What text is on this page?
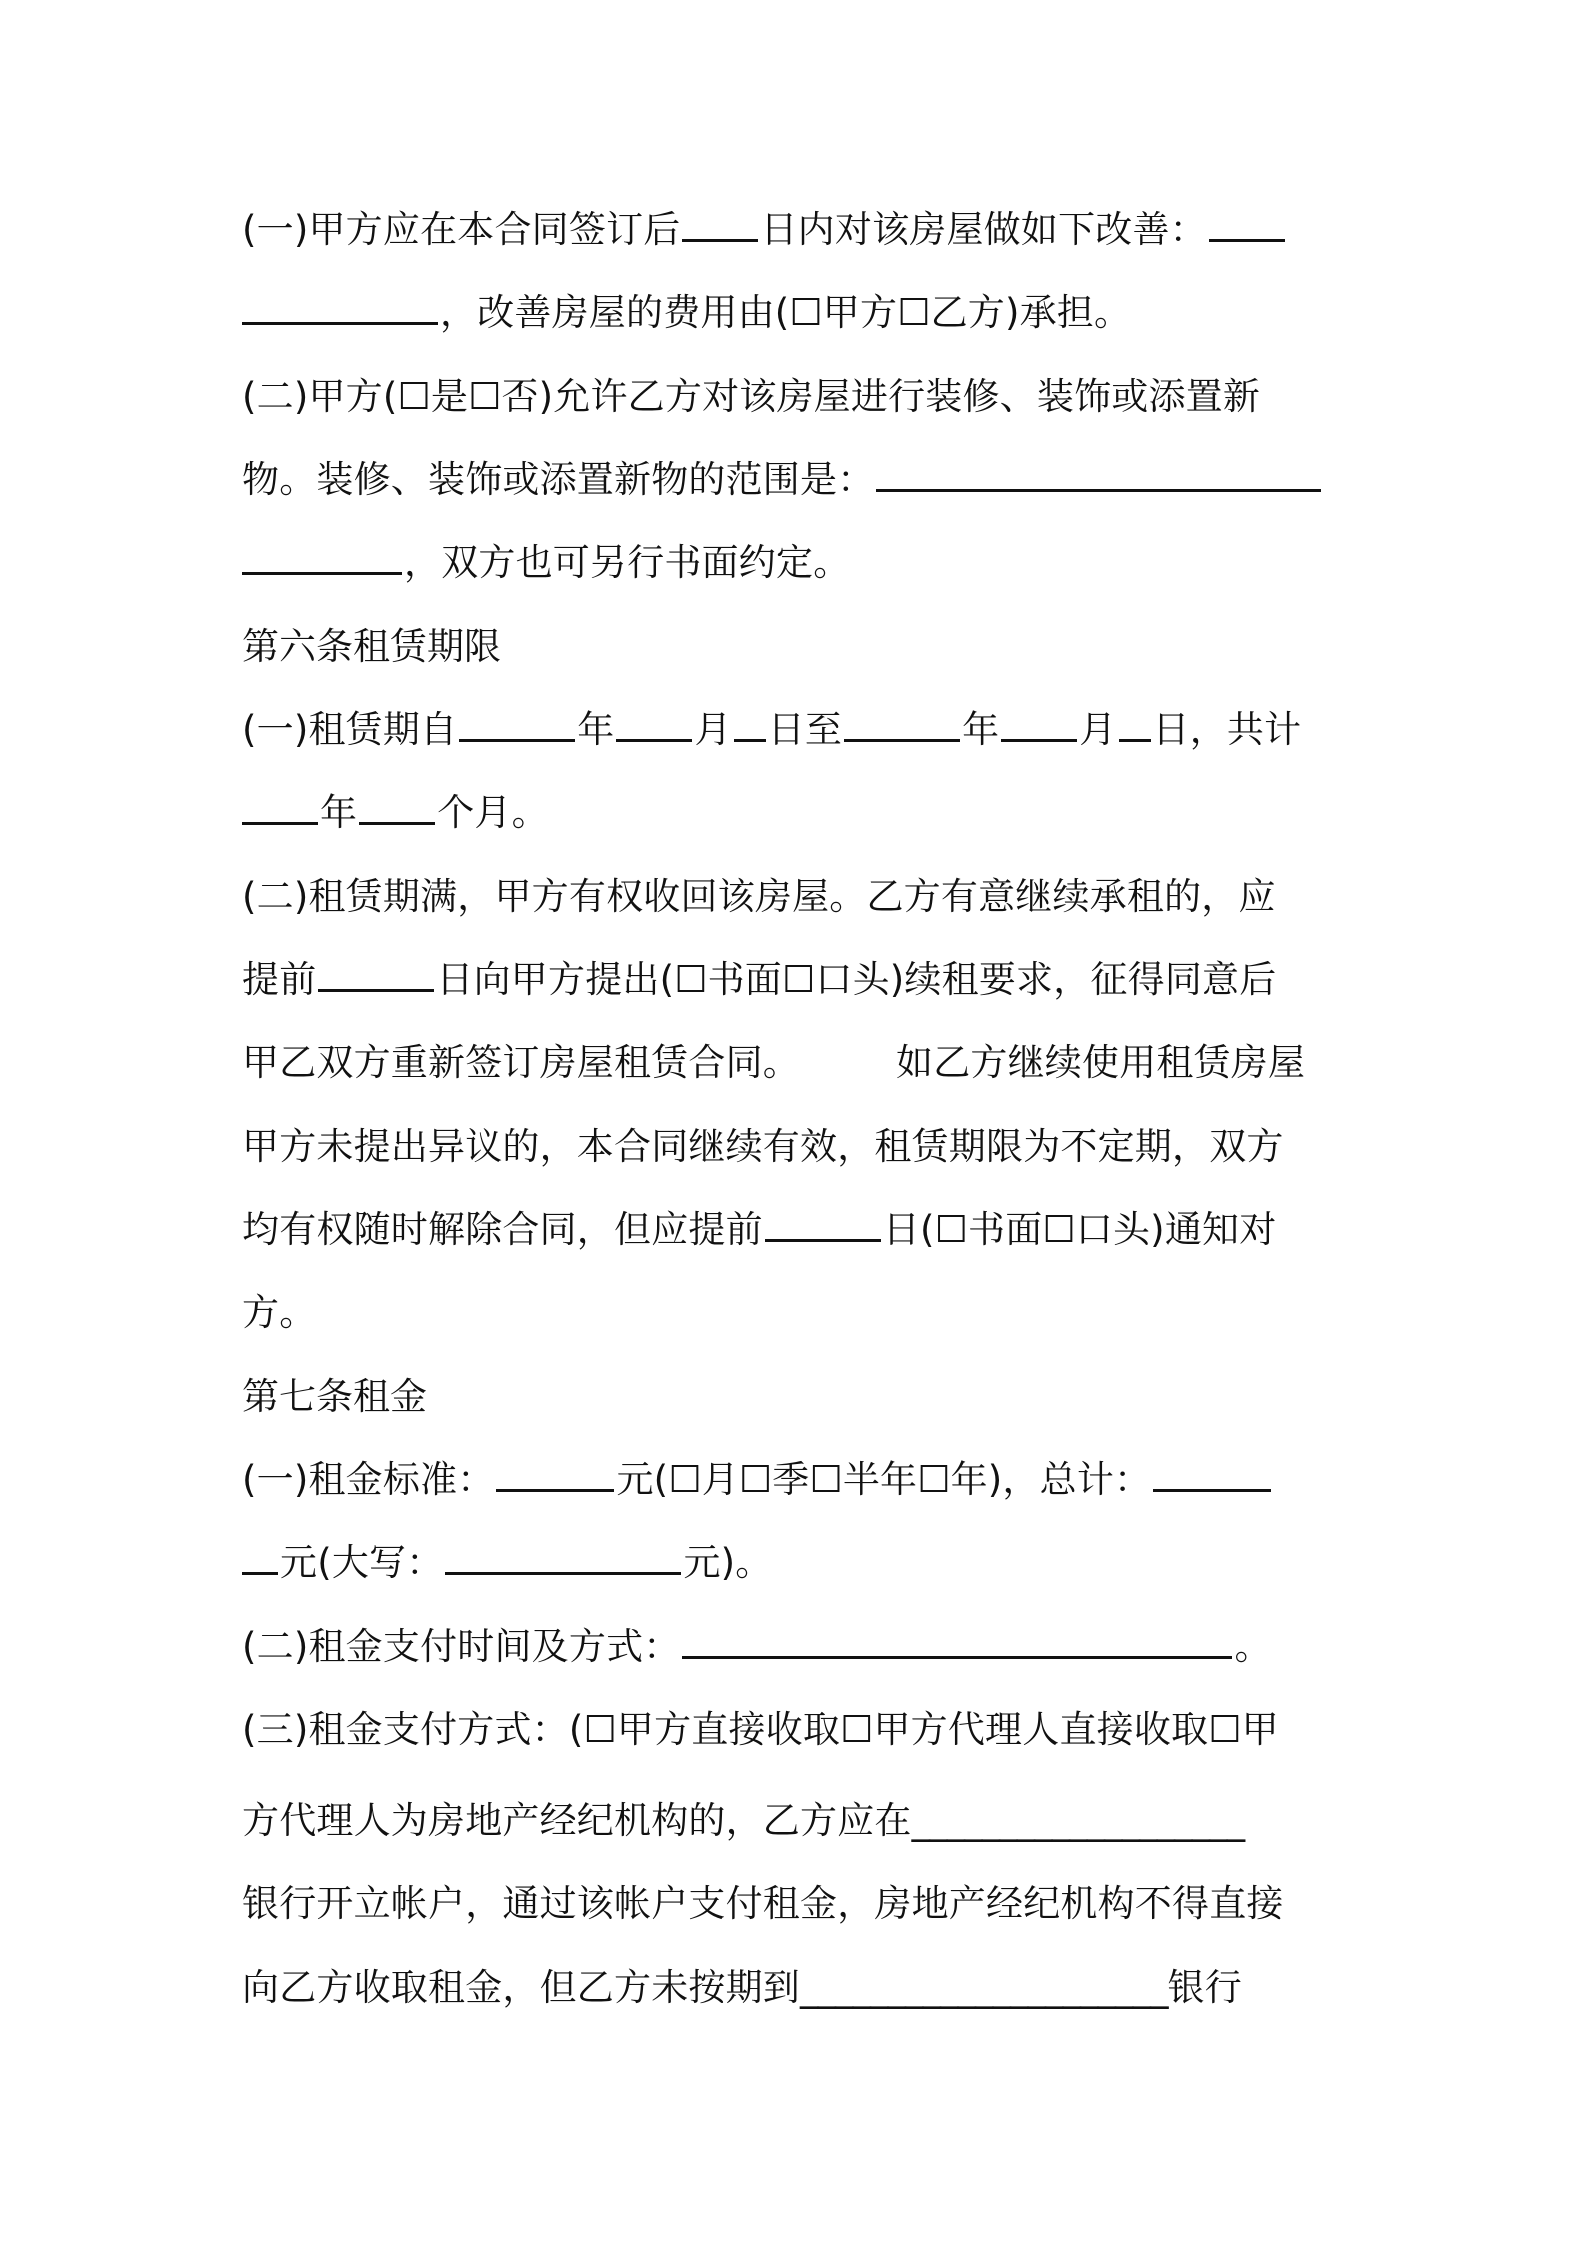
(一)甲方应在本合同签订后 日内对该房屋做如下改善：
，改善房屋的费用由(☐甲方☐乙方)承担。
(二)甲方(☐是☐否)允许乙方对该房屋进行装修、装饰或添置新
物。装修、装饰或添置新物的范围是：
，双方也可另行书面约定。
第六条租赁期限
(一)租赁期自	年 月 日至	年 月 日，共计
年 个月。
(二)租赁期满，甲方有权收回该房屋。乙方有意继续承租的，应
提前	日向甲方提出(☐书面☐口头)续租要求，征得同意后
甲乙双方重新签订房屋租赁合同。	如乙方继续使用租赁房屋
甲方未提出异议的，本合同继续有效，租赁期限为不定期，双方
均有权随时解除合同，但应提前	日(☐书面☐口头)通知对
方。
第七条租金
(一)租金标准：	元(☐月☐季☐半年☐年)，总计：
元(大写：	元)。
(二)租金支付时间及方式：	。
(三)租金支付方式：(☐甲方直接收取☐甲方代理人直接收取☐甲
方代理人为房地产经纪机构的，乙方应在___________________
银行开立帐户，通过该帐户支付租金，房地产经纪机构不得直接
向乙方收取租金，但乙方未按期到_____________________银行
